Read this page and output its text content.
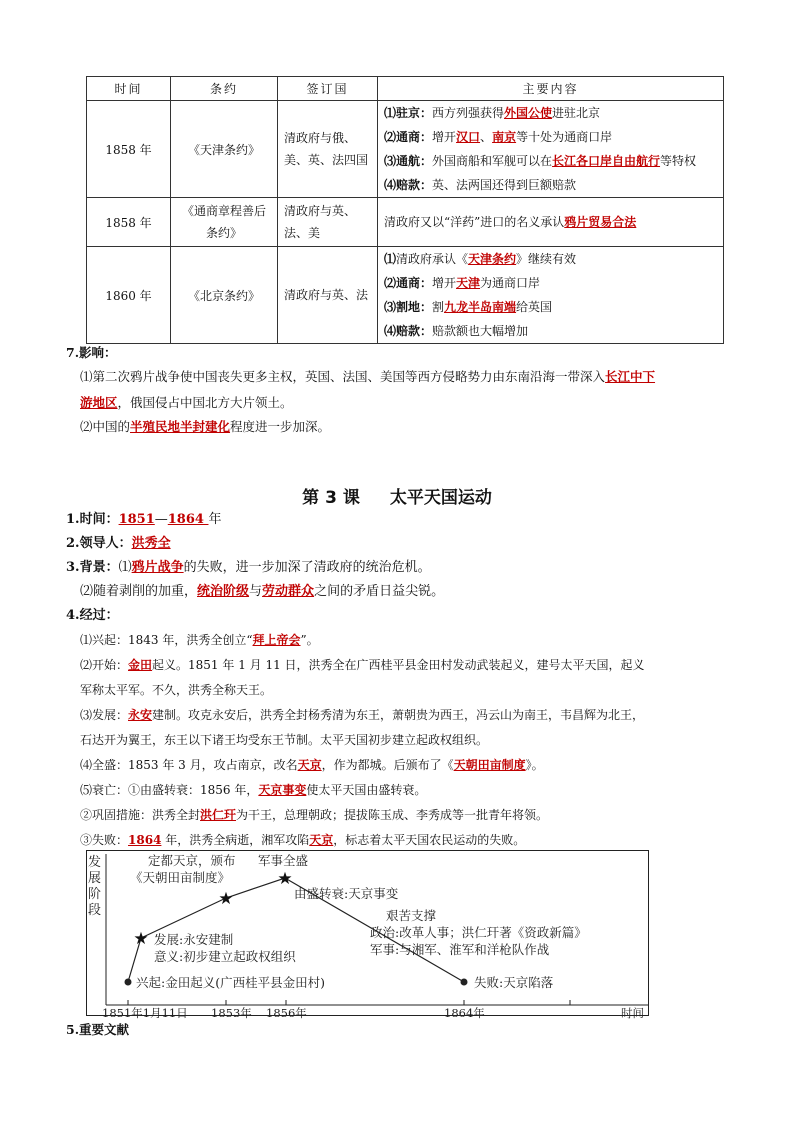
时间	条约	签订国	主要内容
1858 年	《天津条约》	清政府与俄、美、英、法四国	⑴驻京：西方列强获得外国公使进驻北京
⑵通商：增开汉口、南京等十处为通商口岸
⑶通航：外国商船和军舰可以在长江各口岸自由航行等特权
⑷赔款：英、法两国还得到巨额赔款

1858 年	《通商章程善后条约》	清政府与英、法、美	清政府又以“洋药”进口的名义承认鸦片贸易合法

1860 年	《北京条约》	清政府与英、法	⑴清政府承认《天津条约》继续有效
⑵通商：增开天津为通商口岸
⑶割地：割九龙半岛南端给英国
⑷赔款：赔款额也大幅增加
7.影响：
⑴第二次鸦片战争使中国丧失更多主权，英国、法国、美国等西方侵略势力由东南沿海一带深入长江中下
游地区，俄国侵占中国北方大片领土。
⑵中国的半殖民地半封建化程度进一步加深。
第 3 课 太平天国运动
1.时间：1851—1864 年
2.领导人：洪秀全
3.背景：⑴鸦片战争的失败，进一步加深了清政府的统治危机。
⑵随着剥削的加重，统治阶级与劳动群众之间的矛盾日益尖锐。
4.经过：
⑴兴起：1843 年，洪秀全创立“拜上帝会”。
⑵开始：金田起义。1851 年 1 月 11 日，洪秀全在广西桂平县金田村发动武装起义，建号太平天国，起义
军称太平军。不久，洪秀全称天王。
⑶发展：永安建制。攻克永安后，洪秀全封杨秀清为东王，萧朝贵为西王，冯云山为南王，韦昌辉为北王，
石达开为翼王，东王以下诸王均受东王节制。太平天国初步建立起政权组织。
⑷全盛：1853 年 3 月，攻占南京，改名天京，作为都城。后颁布了《天朝田亩制度》。
⑸衰亡：①由盛转衰：1856 年，天京事变使太平天国由盛转衰。
②巩固措施：洪秀全封洪仁玕为干王，总理朝政；提拔陈玉成、李秀成等一批青年将领。
③失败：1864 年，洪秀全病逝，湘军攻陷天京，标志着太平天国农民运动的失败。
发
展
阶
段
1851年1月11日 1853年 1856年	1864年	时间
★
★
★
定都天京，颁布
《天朝田亩制度》
军事全盛
由盛转衰:天京事变
发展:永安建制
意义:初步建立起政权组织
兴起:金田起义(广西桂平县金田村)
艰苦支撑
政治:改革人事；洪仁玕著《资政新篇》
军事:与湘军、淮军和洋枪队作战
失败:天京陷落
5.重要文献
